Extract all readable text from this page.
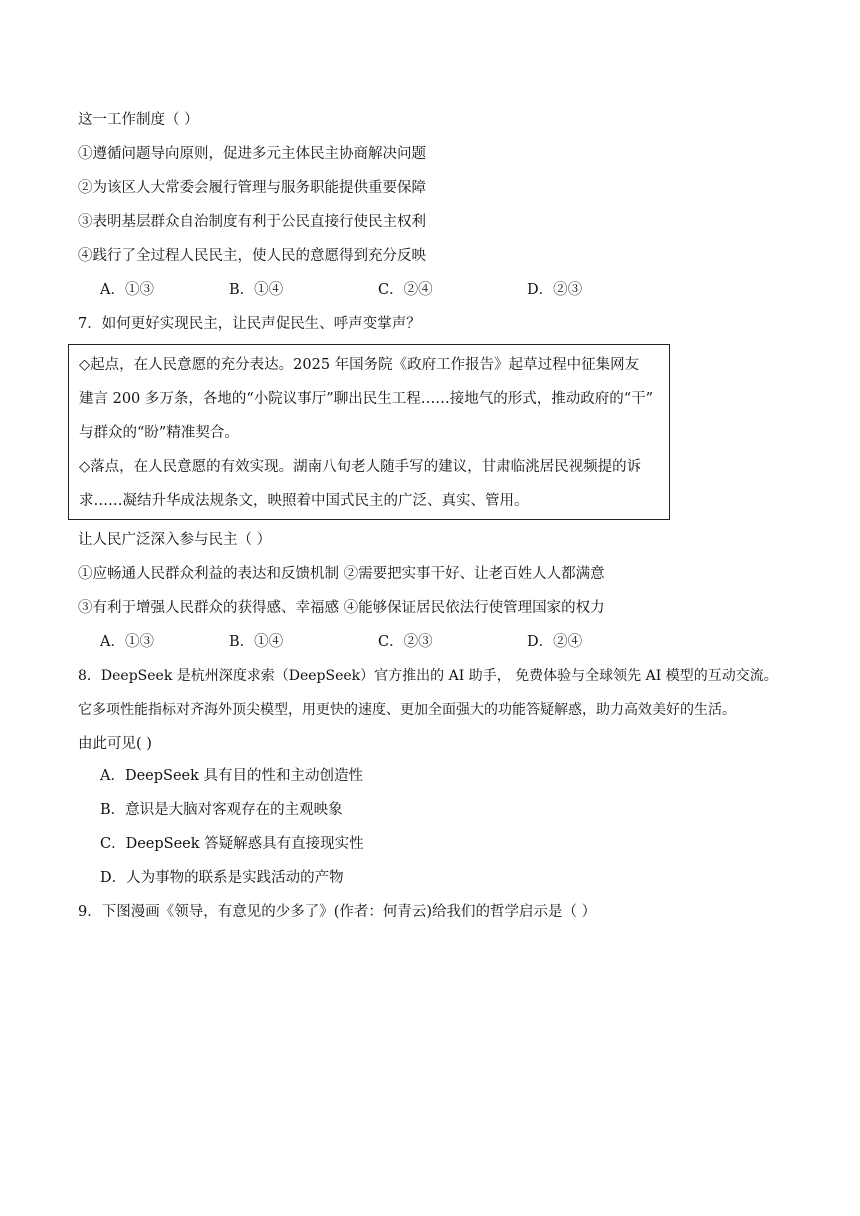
这一工作制度（ ）
①遵循问题导向原则，促进多元主体民主协商解决问题
②为该区人大常委会履行管理与服务职能提供重要保障
③表明基层群众自治制度有利于公民直接行使民主权利
④践行了全过程人民民主，使人民的意愿得到充分反映
A．①③	B．①④	C．②④	D．②③
7．如何更好实现民主，让民声促民生、呼声变掌声？
◇起点，在人民意愿的充分表达。2025 年国务院《政府工作报告》起草过程中征集网友
建言 200 多万条，各地的“小院议事厅”聊出民生工程……接地气的形式，推动政府的“干”
与群众的“盼”精准契合。
◇落点，在人民意愿的有效实现。湖南八旬老人随手写的建议，甘肃临洮居民视频提的诉
求……凝结升华成法规条文，映照着中国式民主的广泛、真实、管用。
让人民广泛深入参与民主（ ）
①应畅通人民群众利益的表达和反馈机制 ②需要把实事干好、让老百姓人人都满意
③有利于增强人民群众的获得感、幸福感 ④能够保证居民依法行使管理国家的权力
A．①③	B．①④	C．②③	D．②④
8．DeepSeek 是杭州深度求索（DeepSeek）官方推出的 AI 助手， 免费体验与全球领先 AI 模型的互动交流。
它多项性能指标对齐海外顶尖模型，用更快的速度、更加全面强大的功能答疑解惑，助力高效美好的生活。
由此可见( )
A．DeepSeek 具有目的性和主动创造性
B．意识是大脑对客观存在的主观映象
C．DeepSeek 答疑解惑具有直接现实性
D．人为事物的联系是实践活动的产物
9．下图漫画《领导，有意见的少多了》(作者：何青云)给我们的哲学启示是（ ）
